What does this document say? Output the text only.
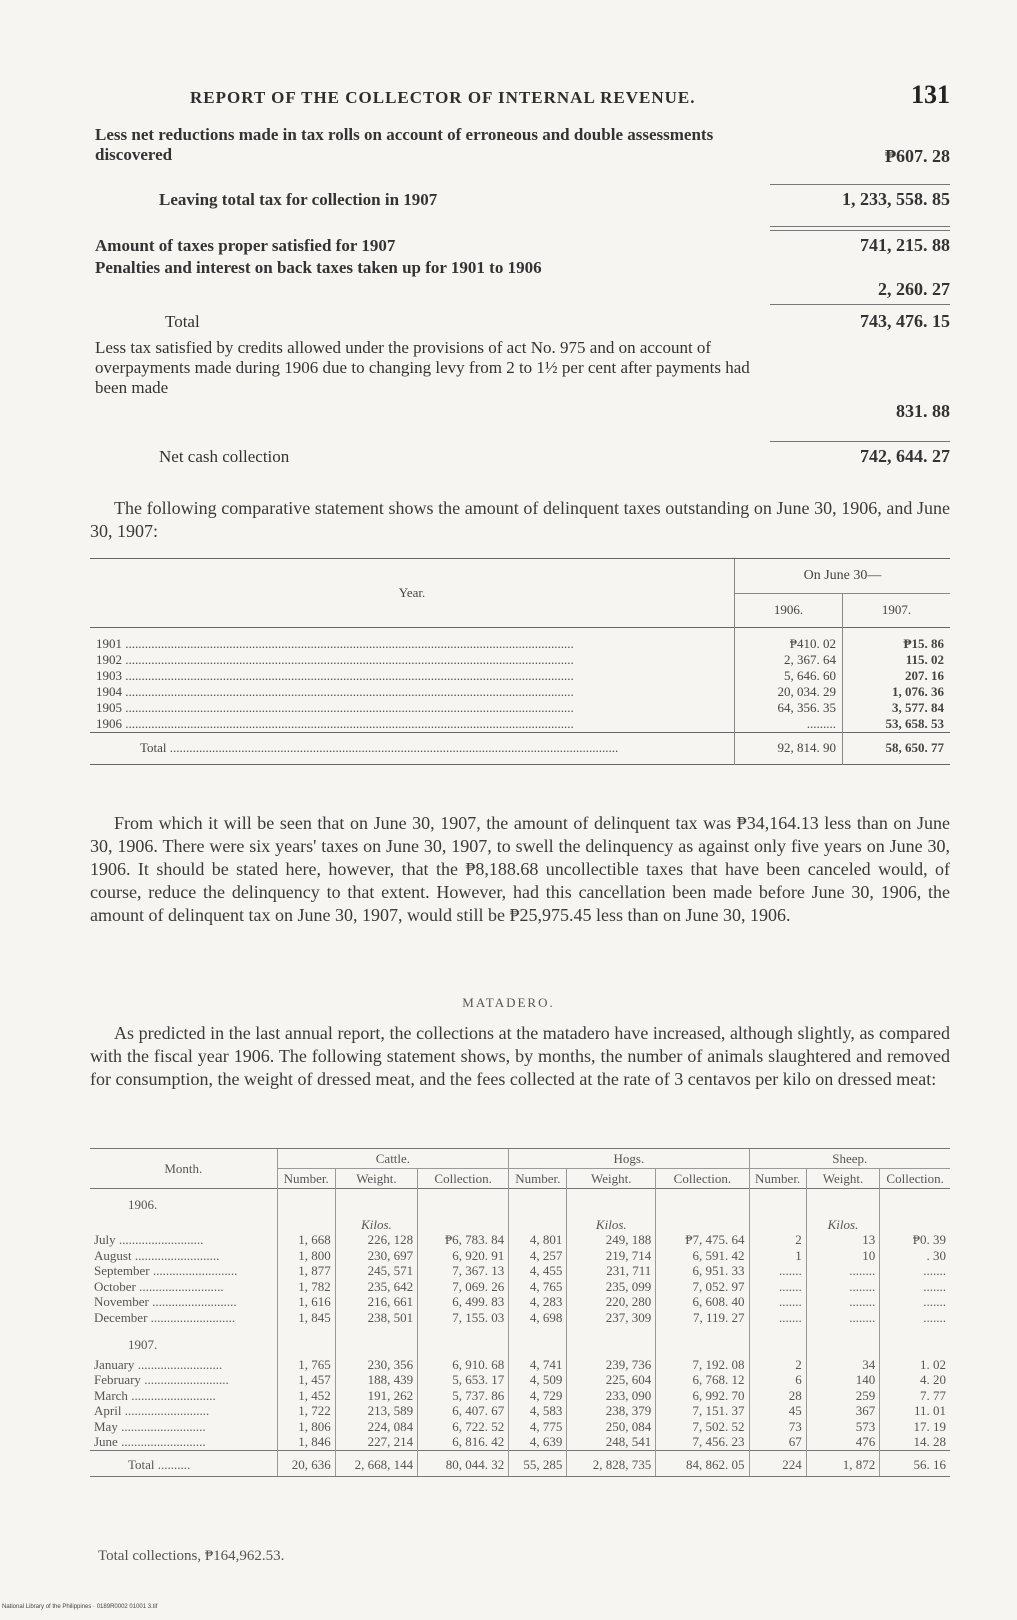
REPORT OF THE COLLECTOR OF INTERNAL REVENUE.	131
Less net reductions made in tax rolls on account of erroneous and double assessments discovered	₱607. 28
Leaving total tax for collection in 1907	1, 233, 558. 85
Amount of taxes proper satisfied for 1907	741, 215. 88
Penalties and interest on back taxes taken up for 1901 to 1906
2, 260. 27
Total	743, 476. 15
Less tax satisfied by credits allowed under the provisions of act No. 975 and on account of overpayments made during 1906 due to changing levy from 2 to 1½ per cent after payments had been made
831. 88
Net cash collection	742, 644. 27
The following comparative statement shows the amount of delinquent taxes outstanding on June 30, 1906, and June 30, 1907:

Year.	On June 30—	
	1906.	1907.

1901 ..........................................................................................................................................	₱410. 02	₱15. 86
1902 ..........................................................................................................................................	2, 367. 64	115. 02
1903 ..........................................................................................................................................	5, 646. 60	207. 16
1904 ..........................................................................................................................................	20, 034. 29	1, 076. 36
1905 ..........................................................................................................................................	64, 356. 35	3, 577. 84
1906 ..........................................................................................................................................	.........	53, 658. 53

Total ..........................................................................................................................................	92, 814. 90	58, 650. 77

From which it will be seen that on June 30, 1907, the amount of delinquent tax was ₱34,164.13 less than on June 30, 1906. There were six years' taxes on June 30, 1907, to swell the delinquency as against only five years on June 30, 1906. It should be stated here, however, that the ₱8,188.68 uncollectible taxes that have been canceled would, of course, reduce the delinquency to that extent. However, had this cancellation been made before June 30, 1906, the amount of delinquent tax on June 30, 1907, would still be ₱25,975.45 less than on June 30, 1906.
MATADERO.
As predicted in the last annual report, the collections at the matadero have increased, although slightly, as compared with the fiscal year 1906. The following statement shows, by months, the number of animals slaughtered and removed for consumption, the weight of dressed meat, and the fees collected at the rate of 3 centavos per kilo on dressed meat:
Month.	Cattle.			Hogs.			Sheep.		
	Number.	Weight.	Collection.	Number.	Weight.	Collection.	Number.	Weight.	Collection.
1906.									
		Kilos.			Kilos.			Kilos.	
July ..........................	1, 668	226, 128	₱6, 783. 84	4, 801	249, 188	₱7, 475. 64	2	13	₱0. 39
August ..........................	1, 800	230, 697	6, 920. 91	4, 257	219, 714	6, 591. 42	1	10	. 30
September ..........................	1, 877	245, 571	7, 367. 13	4, 455	231, 711	6, 951. 33	.......	........	.......
October ..........................	1, 782	235, 642	7, 069. 26	4, 765	235, 099	7, 052. 97	.......	........	.......
November ..........................	1, 616	216, 661	6, 499. 83	4, 283	220, 280	6, 608. 40	.......	........	.......
December ..........................	1, 845	238, 501	7, 155. 03	4, 698	237, 309	7, 119. 27	.......	........	.......
1907.									
January ..........................	1, 765	230, 356	6, 910. 68	4, 741	239, 736	7, 192. 08	2	34	1. 02
February ..........................	1, 457	188, 439	5, 653. 17	4, 509	225, 604	6, 768. 12	6	140	4. 20
March ..........................	1, 452	191, 262	5, 737. 86	4, 729	233, 090	6, 992. 70	28	259	7. 77
April ..........................	1, 722	213, 589	6, 407. 67	4, 583	238, 379	7, 151. 37	45	367	11. 01
May ..........................	1, 806	224, 084	6, 722. 52	4, 775	250, 084	7, 502. 52	73	573	17. 19
June ..........................	1, 846	227, 214	6, 816. 42	4, 639	248, 541	7, 456. 23	67	476	14. 28
Total ..........	20, 636	2, 668, 144	80, 044. 32	55, 285	2, 828, 735	84, 862. 05	224	1, 872	56. 16
Total collections, ₱164,962.53.
National Library of the Philippines · 0189R0002 01001 3.tif
